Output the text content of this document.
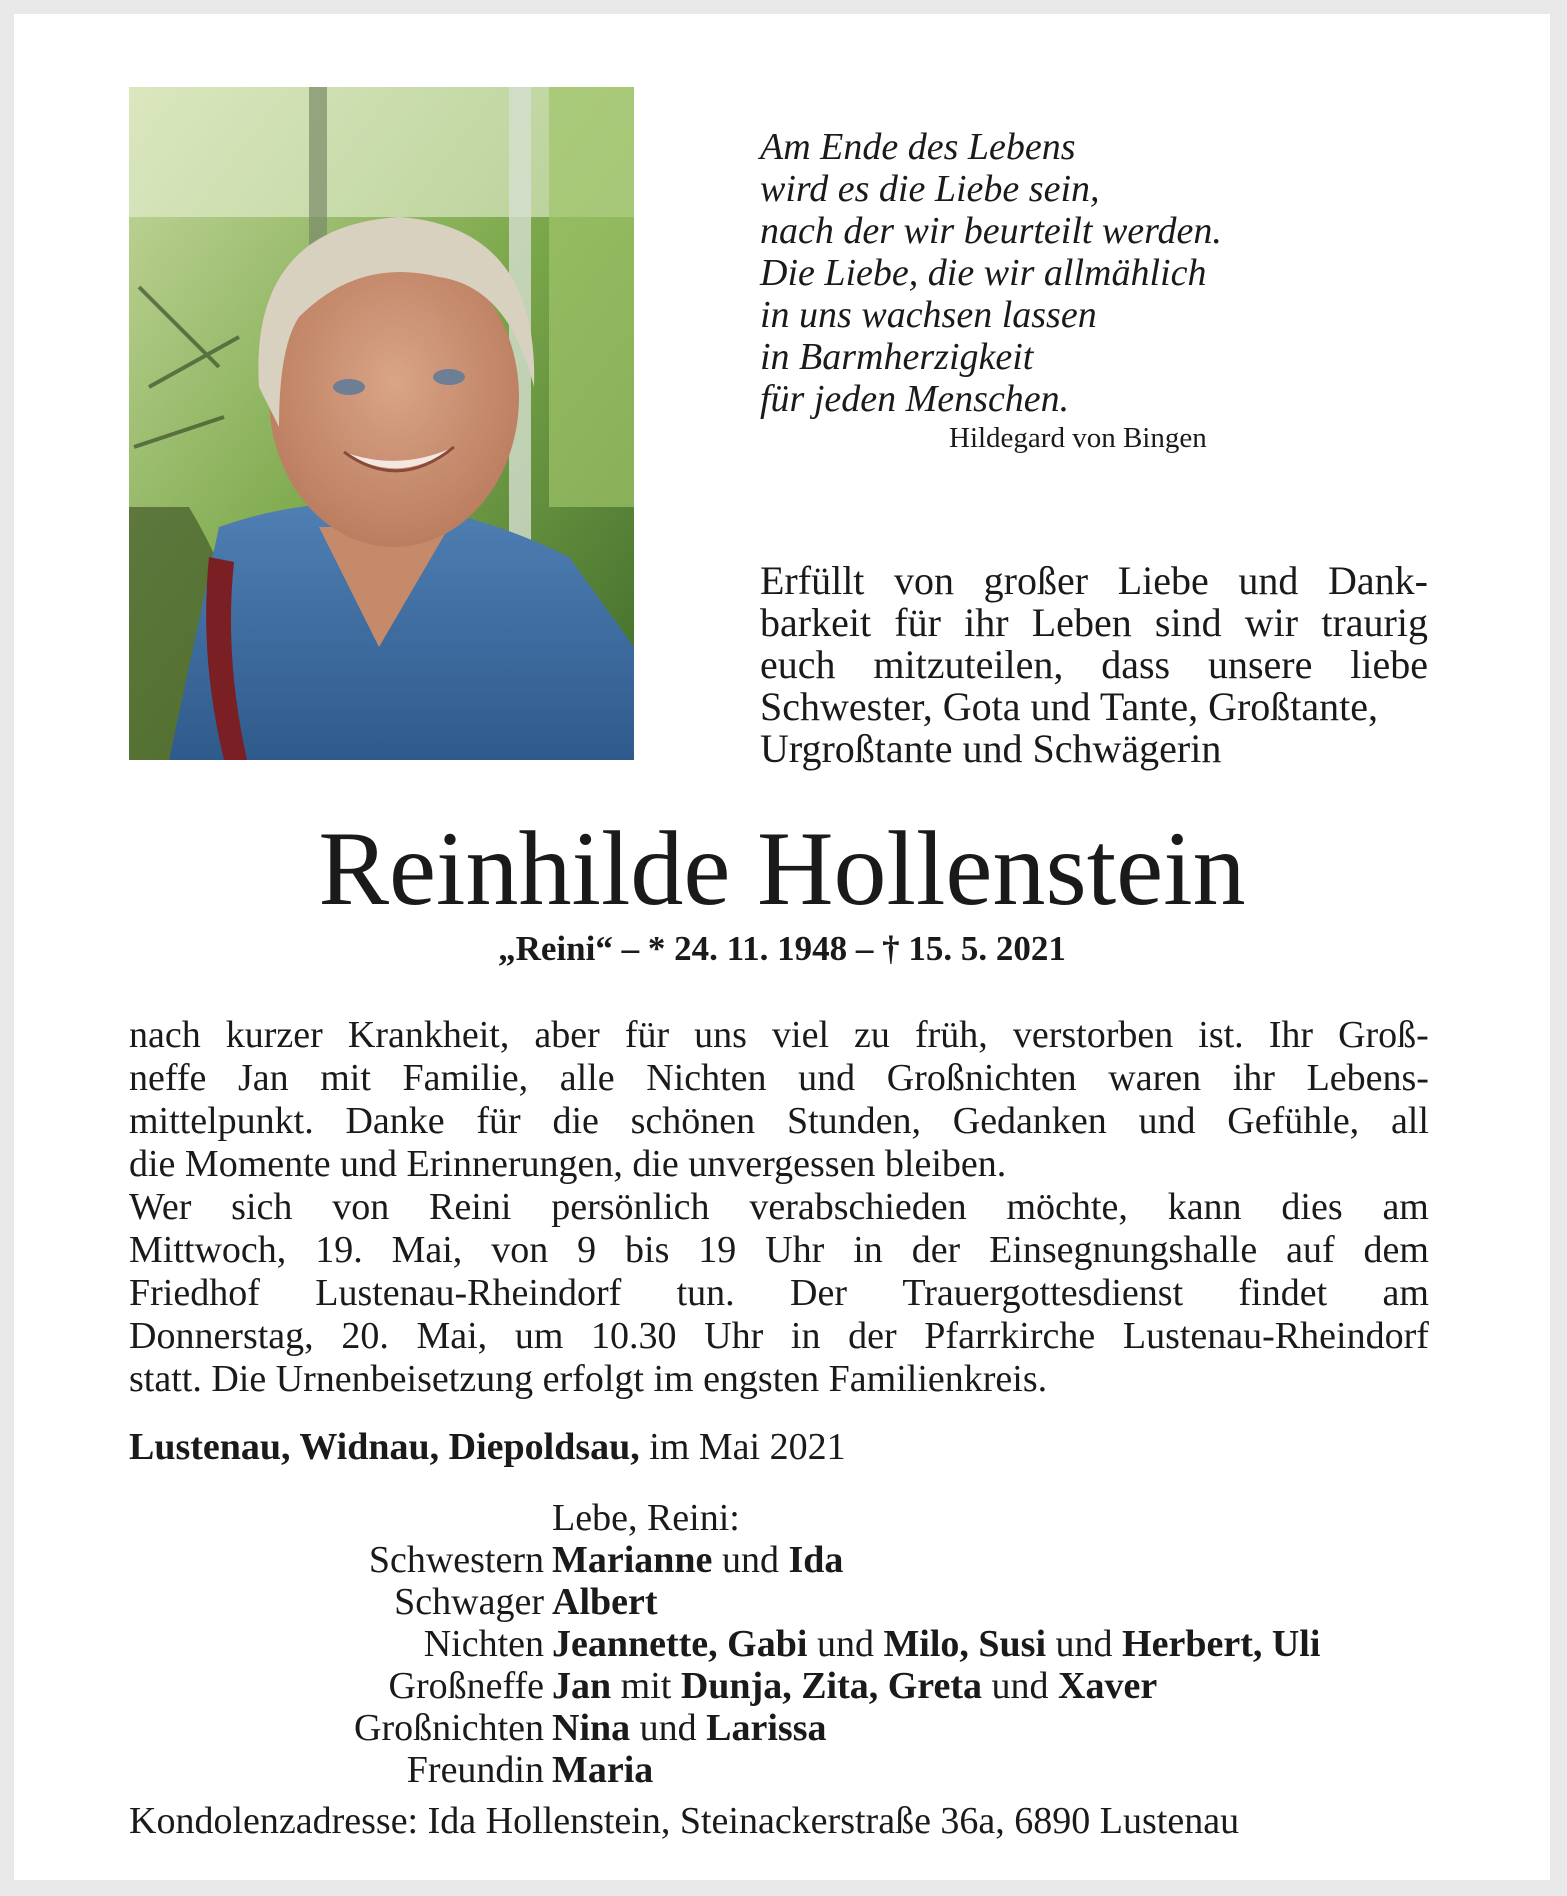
Am Ende des Lebens
wird es die Liebe sein,
nach der wir beurteilt werden.
Die Liebe, die wir allmählich
in uns wachsen lassen
in Barmherzigkeit
für jeden Menschen.
Hildegard von Bingen
Erfüllt von großer Liebe und Dank-
barkeit für ihr Leben sind wir traurig
euch mitzuteilen, dass unsere liebe
Schwester, Gota und Tante, Großtante,
Urgroßtante und Schwägerin
Reinhilde Hollenstein
„Reini“ – * 24. 11. 1948 – † 15. 5. 2021
nach kurzer Krankheit, aber für uns viel zu früh, verstorben ist. Ihr Groß-
neffe Jan mit Familie, alle Nichten und Großnichten waren ihr Lebens-
mittelpunkt. Danke für die schönen Stunden, Gedanken und Gefühle, all
die Momente und Erinnerungen, die unvergessen bleiben.
Wer sich von Reini persönlich verabschieden möchte, kann dies am
Mittwoch, 19. Mai, von 9 bis 19 Uhr in der Einsegnungshalle auf dem
Friedhof Lustenau-Rheindorf tun. Der Trauergottesdienst findet am
Donnerstag, 20. Mai, um 10.30 Uhr in der Pfarrkirche Lustenau-Rheindorf
statt. Die Urnenbeisetzung erfolgt im engsten Familienkreis.
Lustenau, Widnau, Diepoldsau, im Mai 2021
Lebe, Reini:
Schwestern Marianne und Ida
Schwager Albert
Nichten Jeannette, Gabi und Milo, Susi und Herbert, Uli
Großneffe Jan mit Dunja, Zita, Greta und Xaver
Großnichten Nina und Larissa
Freundin Maria
Kondolenzadresse: Ida Hollenstein, Steinackerstraße 36a, 6890 Lustenau
